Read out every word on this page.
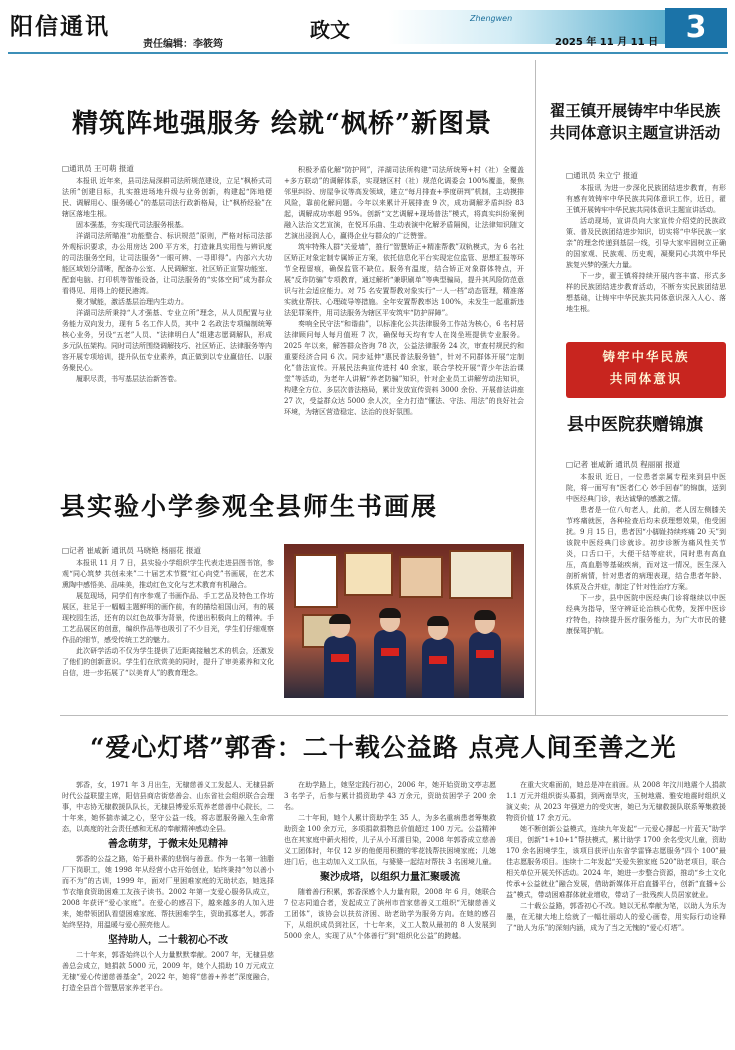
阳信通讯
责任编辑：李筱筠
政文	Zhengwen
2025 年 11 月 11 日 3
精筑阵地强服务 绘就“枫桥”新图景
□通讯员 王可萌 报道

本报讯 近年来，县司法局深耕司法所规范建设，立足“枫桥式司法所”创建目标，扎实推进场地升级与业务创新，构建起“阵地便民、调解用心、服务暖心”的基层司法行政新格局，让“枫桥经验”在辖区落地生根。

固本强基，夯实现代司法服务根基。

洋湖司法所瞄准“功能整合、标识规范”原则，严格对标司法部外观标识要求，办公用房达 200 平方米，打造兼具实用性与辨识度的司法服务空间，让司法服务“一眼可辨、一寻即得”。内部六大功能区域划分清晰，配备办公室、人民调解室、社区矫正宣誓功能室、配套电脑、打印机等智能设备，让司法服务的“实体空间”成为群众看得见、用得上的便民港湾。

聚才赋能，激活基层治理内生动力。

洋湖司法所秉持“人才强基、专业立所”理念，从人员配置与业务能力双向发力，现有 5 名工作人员，其中 2 名政法专项编制统筹核心业务，另设“五老”人员、“法律明白人”组建志愿调解队，形成多元队伍架构。同时司法所围绕调解技巧、社区矫正、法律服务等内容开展专项培训，提升队伍专业素养，真正做到以专业赢信任、以服务聚民心。

履职尽责，书写基层法治新答卷。

积极矛盾化解“防护网”，洋湖司法所构建“司法所统筹+村（社）全覆盖+多方联动”的调解体系，实现辖区村（社）规范化调委会 100%覆盖，聚焦邻里纠纷、房屋争议等高发领域，建立“每月排查+季度研判”机制，主动摸排风险，靠前化解问题。今年以来累计开展排查 9 次，成功调解矛盾纠纷 83 起，调解成功率超 95%。创新“文艺调解+现场普法”模式，将真实纠纷案例融入法治文艺宣演，在悦耳乐曲、生动表演中化解矛盾隔阂，让法律知识随文艺演出浸润人心，赢得企业与群众的广泛赞誉。

筑牢特殊人群“关爱墙”，推行“智慧矫正+精准帮教”双轨模式，为 6 名社区矫正对象定制专属矫正方案，依托信息化平台实现定位监管、思想汇报等环节全程留痕，确保监管不缺位。服务有温度，结合矫正对象群体特点，开展“反诈防骗”专项教育，通过解析“兼职刷单”等典型骗局，提升其风险防范意识与社会适应能力。对 75 名安置帮教对象实行“一人一档”动态管理，精准落实就业帮扶、心理疏导等措施。全年安置帮教率达 100%，未发生一起重新违法犯罪案件，用司法服务为辖区平安筑牢“防护屏障”。

奏响全民守法“和谐曲”，以标准化公共法律服务工作站为核心，6 名村居法律顾问每人每月值班 7 次，确保每天均有专人在岗坐班提供专业服务。2025 年以来，解答群众咨询 78 次，公益法律服务 24 次，审查村规民约和重要经济合同 6 次。同步延伸“惠民普法服务链”，针对不同群体开展“定制化”普法宣传。开展民法典宣传进村 40 余家，联合学校开展“青少年法治课堂”等活动，为老年人讲解“养老防骗”知识，针对企业员工讲解劳动法知识，构建全方位、多层次普法格局，累计发放宣传资料 3000 余份、开展普法讲座 27 次，受益群众达 5000 余人次，全力打造“懂法、守法、用法”的良好社会环境，为辖区营造稳定、法治的良好氛围。

翟王镇开展铸牢中华民族
共同体意识主题宣讲活动
□通讯员 朱立宁 报道

本报讯 为进一步深化民族团结进步教育，有形有感有效铸牢中华民族共同体意识工作，近日，翟王镇开展铸牢中华民族共同体意识主题宣讲活动。

活动现场，宣讲员向大家宣传介绍党的民族政策、普及民族团结进步知识，切实将“中华民族一家亲”的理念传递到基层一线，引导大家牢固树立正确的国家观、民族观、历史观，凝聚同心共筑中华民族复兴梦的强大力量。

下一步，翟王镇将持续开展内容丰富、形式多样的民族团结进步教育活动，不断夯实民族团结思想基础，让铸牢中华民族共同体意识深入人心、落地生根。

铸牢中华民族
共同体意识
县中医院获赠锦旗
□记者 崔咸新 通讯员 程丽丽 报道

本报讯 近日，一位患者亲属专程来到县中医院，将一面写有“医者仁心 妙手回春”的锦旗，送到中医经典门诊，表达诚挚的感激之情。

患者是一位八旬老人，此前，老人因左侧膝关节疼痛就医，各种检查后均未获理想效果，他受困扰。9 月 15 日，患者因“小脚趾持续疼痛 20 天”到该院中医经典门诊就诊。初步诊断为痛风性关节炎，口舌口干，大便干结等症状，同时患有高血压，高血脂等基础疾病，而对这一情况，医生深入剖析病情，针对患者的病理表现，结合患者年龄、体质及合并症，制定了针对性治疗方案。

下一步，县中医院中医经典门诊将继续以中医经典为指导，坚守辨证论治核心优势，发挥中医诊疗特色，持续提升医疗服务能力，为广大市民的健康保驾护航。

县实验小学参观全县师生书画展
□记者 崔咸新 通讯员 马晓艳 杨丽花 报道

本报讯 11 月 7 日，县实验小学组织学生代表走进县图书馆，参观“同心筑梦 共创未来”二十届艺术节暨“红心向党”书画展，在艺术熏陶中感悟美、品味美，推动红色文化与艺术教育有机融合。

展览现场，同学们有序参观了书画作品、手工艺品及特色工作坊展区，驻足于一幅幅主题鲜明的画作前，有的描绘祖国山河，有的展现校园生活，还有的以红色故事为背景，传递出积极向上的精神。手工艺品展区的创意，编织作品等也吸引了不少目光，学生们仔细观察作品的细节，感受传统工艺的魅力。

此次研学活动不仅为学生提供了近距离接触艺术的机会，还激发了他们的创新意识。学生们在欣赏美的同时，提升了审美素养和文化自信，进一步拓展了“以美育人”的教育理念。

“爱心灯塔”郭香：二十载公益路 点亮人间至善之光

郭香，女，1971 年 3 月出生，无棣慈善义工发起人、无棣县新时代公益联盟主席，阳信县商店街慈善会、山东省社会组织联合会理事，中志协无棣救援队队长，无棣县博爱乐荒养老慈善中心院长，二十年来，她怀揣赤诚之心，坚守公益一线，将志愿服务融入生命常态，以高度的社会责任感和无私的奉献精神感动全县。

善念萌芽，于微末处见精神

郭香的公益之路，始于最朴素的悲悯与善意。作为一名第一油脂厂下岗职工，她 1998 年从经营小店开始创业，始终秉持“勿以善小而不为”的古训，1999 年，面对厂里困难家庭的无助状态，她选择节衣缩食资助困难工友孩子读书。2002 年第一支爱心服务队成立，2008 年获评“爱心家庭”。在爱心的感召下，越来越多的人加入进来，她带领团队看望困难家庭、帮扶困难学生，资助孤寡老人，郭香始终坚持，用温暖与爱心照亮他人。

坚持助人，二十载初心不改

二十年来，郭香始终以个人力量默默奉献。2007 年，无棣县慈善总会成立，她捐款 5000 元，2009 年，她个人捐助 10 万元成立无棣“爱心传递慈善基金”，2022 年，她将“慈善+养老”深度融合，打造全县首个智慧居家养老平台。

在助学路上，她坚定践行初心，2006 年，她开始资助文亭志愿 3 名学子，后参与累计捐资助学 43 万余元，资助贫困学子 200 余名。

二十年间，她个人累计资助学生 35 人，为多名重病患者筹集救助资金 100 余万元，多项捐款捐物总价值超过 100 万元。公益精神也在其家庭中薪火相传，儿子从小耳濡目染，2008 年郭香成立慈善义工团体时，年仅 12 岁的他便用积攒的零花钱帮扶困境家庭；儿媳进门后，也主动加入义工队伍，与婆婆一起结对帮扶 3 名困境儿童。

聚沙成塔，以组织力量汇聚暖流

随着善行积累，郭香深感个人力量有限，2008 年 6 月，她联合 7 位志同道合者，发起成立了滨州市首家慈善义工组织“无棣慈善义工团体”，该协会以扶贫济困、助老助学为服务方向。在她的感召下，从组织成员到社区，十七年来，义工人数从最初的 8 人发展到 5000 余人，实现了从“个体善行”到“组织化公益”的跨越。

在重大灾难面前，她总是冲在前面。从 2008 年汶川地震个人捐款 1.1 万元并组织街头募捐，到两南旱灾，玉树地震、雅安地震时组织义演义卖；从 2023 年强逆力的受灾害，她已为无棣救援队联系筹集救援物资价值 17 余万元。

她不断创新公益模式，连续九年发起“一元爱心撑起一片蓝天”助学项目，创新“1+10+1”帮扶模式，累计助学 1700 余名受灾儿童，资助 170 余名困境学生，该项目获评山东省学雷锋志愿服务“四个 100”最佳志愿服务项目。连续十二年发起“关爱失独家庭 520”助老项目，联合相关单位开展关怀活动。2024 年，她进一步整合资源，推动“乡土文化传承+公益就业”融合发展，借助新媒体开启直播平台，创新“直播+公益”模式，带动困难群体就业增收，带动了一批残疾人员居家就业。

二十载公益路，郭香初心不改。她以无私奉献为笔，以助人为乐为墨，在无棣大地上绘就了一幅壮丽动人的爱心画卷，用实际行动诠释了“助人为乐”的深刻内涵，成为了当之无愧的“爱心灯塔”。
